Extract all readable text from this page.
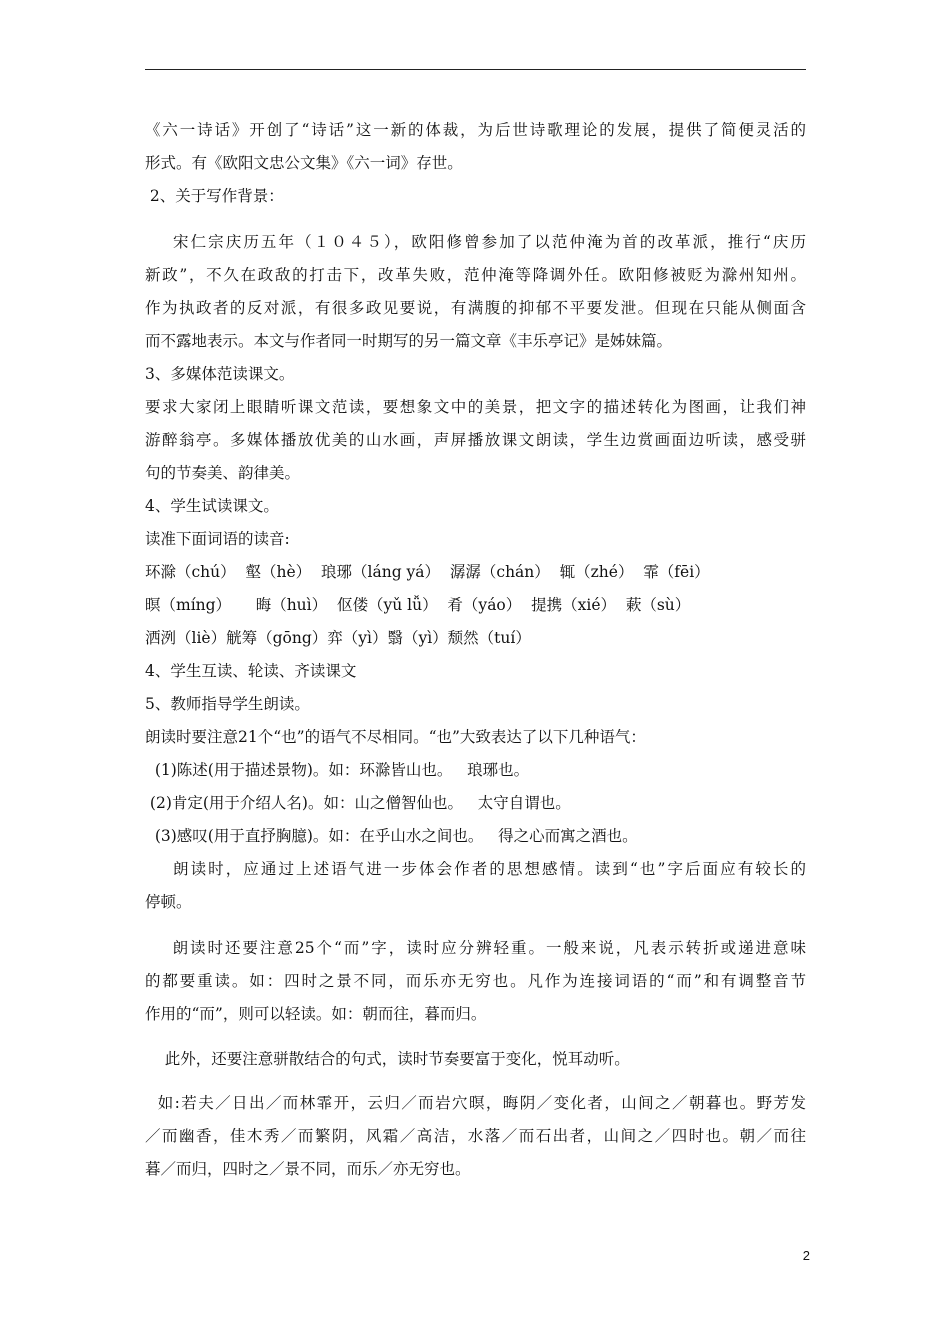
《六一诗话》开创了“诗话”这一新的体裁，为后世诗歌理论的发展，提供了简便灵活的
形式。有《欧阳文忠公文集》《六一词》存世。
2、关于写作背景：
宋仁宗庆历五年（１０４５），欧阳修曾参加了以范仲淹为首的改革派，推行“庆历
新政”，不久在政敌的打击下，改革失败，范仲淹等降调外任。欧阳修被贬为滁州知州。
作为执政者的反对派，有很多政见要说，有满腹的抑郁不平要发泄。但现在只能从侧面含
而不露地表示。本文与作者同一时期写的另一篇文章《丰乐亭记》是姊妹篇。
3、多媒体范读课文。
要求大家闭上眼睛听课文范读，要想象文中的美景，把文字的描述转化为图画，让我们神
游醉翁亭。多媒体播放优美的山水画，声屏播放课文朗读，学生边赏画面边听读，感受骈
句的节奏美、韵律美。
4、学生试读课文。
读准下面词语的读音:
环滁（chú）  壑（hè）  琅琊（láng yá）  潺潺（chán）  辄（zhé）  霏（fēi）
暝（míng）     晦（huì）  伛偻（yǔ lǚ）  肴（yáo）  提携（xié）  蔌（sù）
洒洌（liè）觥筹（gōng）弈（yì）翳（yì）颓然（tuí）
4、学生互读、轮读、齐读课文
5、教师指导学生朗读。
朗读时要注意21个“也”的语气不尽相同。“也”大致表达了以下几种语气：
(1)陈述(用于描述景物)。如：环滁皆山也。   琅琊也。
(2)肯定(用于介绍人名)。如：山之僧智仙也。   太守自谓也。
(3)感叹(用于直抒胸臆)。如：在乎山水之间也。   得之心而寓之酒也。
朗读时，应通过上述语气进一步体会作者的思想感情。读到“也”字后面应有较长的
停顿。
朗读时还要注意25个“而”字，读时应分辨轻重。一般来说，凡表示转折或递进意味
的都要重读。如：四时之景不同，而乐亦无穷也。凡作为连接词语的“而”和有调整音节
作用的“而”，则可以轻读。如：朝而往，暮而归。
此外，还要注意骈散结合的句式，读时节奏要富于变化，悦耳动听。
如:若夫／日出／而林霏开，云归／而岩穴暝，晦阴／变化者，山间之／朝暮也。野芳发
／而幽香，佳木秀／而繁阴，风霜／高洁，水落／而石出者，山间之／四时也。朝／而往
暮／而归，四时之／景不同，而乐／亦无穷也。
2
